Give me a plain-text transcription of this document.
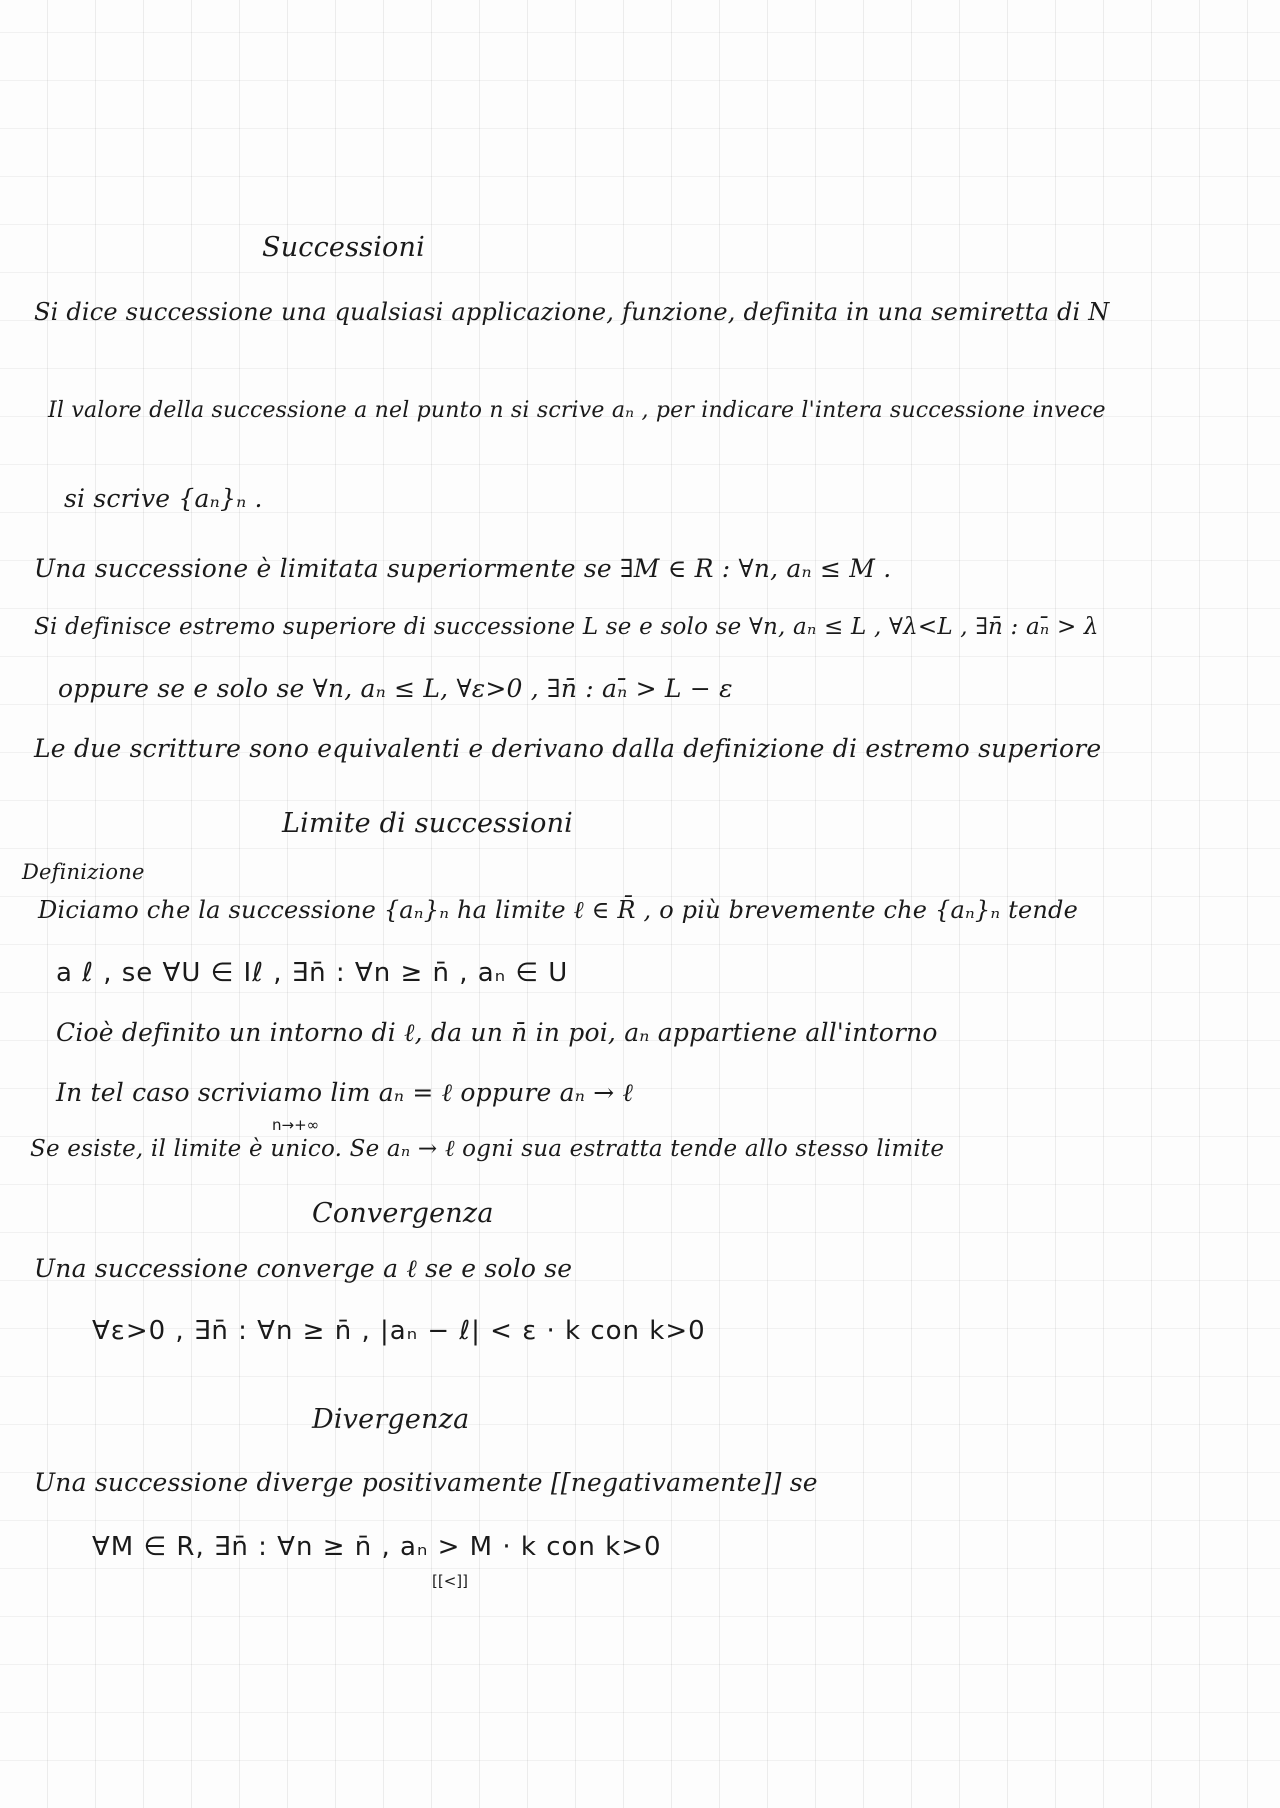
Successioni
Si dice successione una qualsiasi applicazione, funzione, definita in una semiretta di N
Il valore della successione a nel punto n si scrive aₙ , per indicare l'intera successione invece
si scrive {aₙ}ₙ .
Una successione è limitata superiormente se ∃M ∈ R : ∀n, aₙ ≤ M .
Si definisce estremo superiore di successione L se e solo se ∀n, aₙ ≤ L , ∀λ<L , ∃n̄ : aₙ̄ > λ
oppure se e solo se ∀n, aₙ ≤ L, ∀ε>0 , ∃n̄ : aₙ̄ > L − ε
Le due scritture sono equivalenti e derivano dalla definizione di estremo superiore
Limite di successioni
Definizione
Diciamo che la successione {aₙ}ₙ ha limite ℓ ∈ R̄ , o più brevemente che {aₙ}ₙ tende
a ℓ , se ∀U ∈ Iℓ , ∃n̄ : ∀n ≥ n̄ , aₙ ∈ U
Cioè definito un intorno di ℓ, da un n̄ in poi, aₙ appartiene all'intorno
In tel caso scriviamo lim aₙ = ℓ oppure aₙ → ℓ
n→+∞
Se esiste, il limite è unico. Se aₙ → ℓ ogni sua estratta tende allo stesso limite
Convergenza
Una successione converge a ℓ se e solo se
∀ε>0 , ∃n̄ : ∀n ≥ n̄ , |aₙ − ℓ| < ε · k con k>0
Divergenza
Una successione diverge positivamente [[negativamente]] se
∀M ∈ R, ∃n̄ : ∀n ≥ n̄ , aₙ > M · k con k>0
[[<]]
